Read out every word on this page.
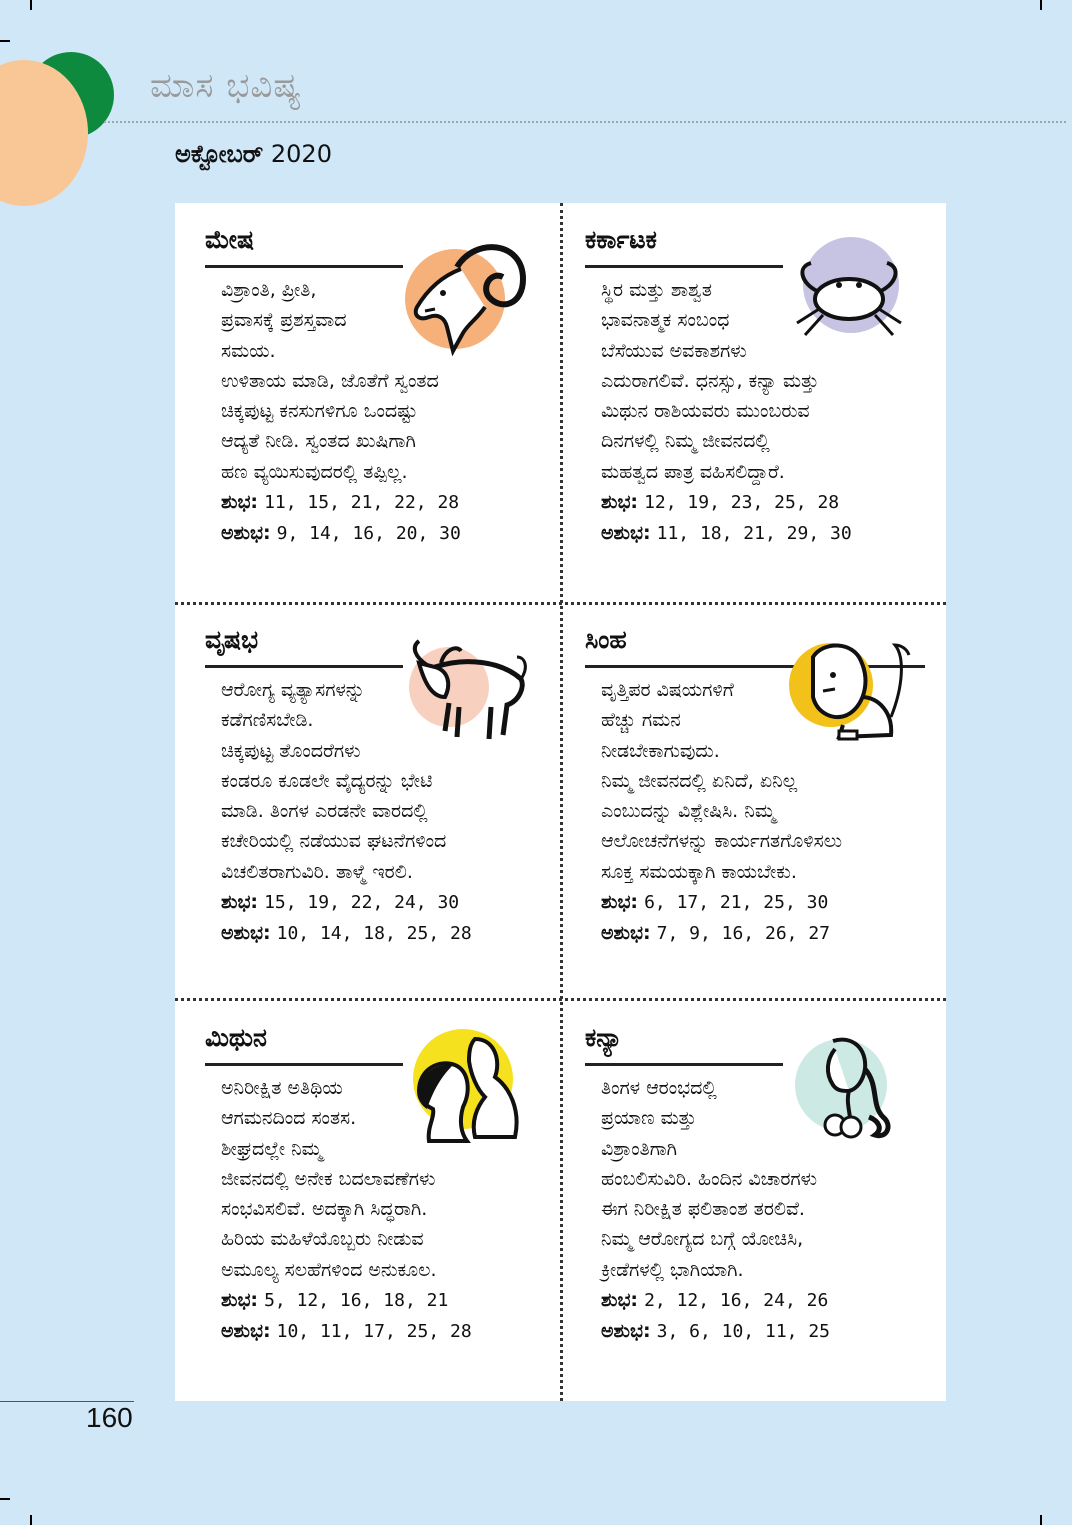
ಮಾಸ ಭವಿಷ್ಯ
ಅಕ್ಟೋಬರ್ 2020
ಮೇಷ

ವಿಶ್ರಾಂತಿ, ಪ್ರೀತಿ,

ಪ್ರವಾಸಕ್ಕೆ ಪ್ರಶಸ್ತವಾದ

ಸಮಯ.

ಉಳಿತಾಯ ಮಾಡಿ, ಜೊತೆಗೆ ಸ್ವಂತದ

ಚಿಕ್ಕಪುಟ್ಟ ಕನಸುಗಳಿಗೂ ಒಂದಷ್ಟು

ಆದ್ಯತೆ ನೀಡಿ. ಸ್ವಂತದ ಖುಷಿಗಾಗಿ

ಹಣ ವ್ಯಯಿಸುವುದರಲ್ಲಿ ತಪ್ಪಿಲ್ಲ.

ಶುಭ: 11, 15, 21, 22, 28

ಅಶುಭ: 9, 14, 16, 20, 30

ಕರ್ಕಾಟಕ

ಸ್ಥಿರ ಮತ್ತು ಶಾಶ್ವತ

ಭಾವನಾತ್ಮಕ ಸಂಬಂಧ

ಬೆಸೆಯುವ ಅವಕಾಶಗಳು

ಎದುರಾಗಲಿವೆ. ಧನಸ್ಸು, ಕನ್ಯಾ ಮತ್ತು

ಮಿಥುನ ರಾಶಿಯವರು ಮುಂಬರುವ

ದಿನಗಳಲ್ಲಿ ನಿಮ್ಮ ಜೀವನದಲ್ಲಿ

ಮಹತ್ವದ ಪಾತ್ರ ವಹಿಸಲಿದ್ದಾರೆ.

ಶುಭ: 12, 19, 23, 25, 28

ಅಶುಭ: 11, 18, 21, 29, 30

ವೃಷಭ

ಆರೋಗ್ಯ ವ್ಯತ್ಯಾಸಗಳನ್ನು

ಕಡೆಗಣಿಸಬೇಡಿ.

ಚಿಕ್ಕಪುಟ್ಟ ತೊಂದರೆಗಳು

ಕಂಡರೂ ಕೂಡಲೇ ವೈದ್ಯರನ್ನು ಭೇಟಿ

ಮಾಡಿ. ತಿಂಗಳ ಎರಡನೇ ವಾರದಲ್ಲಿ

ಕಚೇರಿಯಲ್ಲಿ ನಡೆಯುವ ಘಟನೆಗಳಿಂದ

ವಿಚಲಿತರಾಗುವಿರಿ. ತಾಳ್ಮೆ ಇರಲಿ.

ಶುಭ: 15, 19, 22, 24, 30

ಅಶುಭ: 10, 14, 18, 25, 28

ಸಿಂಹ

ವೃತ್ತಿಪರ ವಿಷಯಗಳಿಗೆ

ಹೆಚ್ಚು ಗಮನ

ನೀಡಬೇಕಾಗುವುದು.

ನಿಮ್ಮ ಜೀವನದಲ್ಲಿ ಏನಿದೆ, ಏನಿಲ್ಲ

ಎಂಬುದನ್ನು ವಿಶ್ಲೇಷಿಸಿ. ನಿಮ್ಮ

ಆಲೋಚನೆಗಳನ್ನು ಕಾರ್ಯಗತಗೊಳಿಸಲು

ಸೂಕ್ತ ಸಮಯಕ್ಕಾಗಿ ಕಾಯಬೇಕು.

ಶುಭ: 6, 17, 21, 25, 30

ಅಶುಭ: 7, 9, 16, 26, 27

ಮಿಥುನ

ಅನಿರೀಕ್ಷಿತ ಅತಿಥಿಯ

ಆಗಮನದಿಂದ ಸಂತಸ.

ಶೀಘ್ರದಲ್ಲೇ ನಿಮ್ಮ

ಜೀವನದಲ್ಲಿ ಅನೇಕ ಬದಲಾವಣೆಗಳು

ಸಂಭವಿಸಲಿವೆ. ಅದಕ್ಕಾಗಿ ಸಿದ್ಧರಾಗಿ.

ಹಿರಿಯ ಮಹಿಳೆಯೊಬ್ಬರು ನೀಡುವ

ಅಮೂಲ್ಯ ಸಲಹೆಗಳಿಂದ ಅನುಕೂಲ.

ಶುಭ: 5, 12, 16, 18, 21

ಅಶುಭ: 10, 11, 17, 25, 28

ಕನ್ಯಾ

ತಿಂಗಳ ಆರಂಭದಲ್ಲಿ

ಪ್ರಯಾಣ ಮತ್ತು

ವಿಶ್ರಾಂತಿಗಾಗಿ

ಹಂಬಲಿಸುವಿರಿ. ಹಿಂದಿನ ವಿಚಾರಗಳು

ಈಗ ನಿರೀಕ್ಷಿತ ಫಲಿತಾಂಶ ತರಲಿವೆ.

ನಿಮ್ಮ ಆರೋಗ್ಯದ ಬಗ್ಗೆ ಯೋಚಿಸಿ,

ಕ್ರೀಡೆಗಳಲ್ಲಿ ಭಾಗಿಯಾಗಿ.

ಶುಭ: 2, 12, 16, 24, 26

ಅಶುಭ: 3, 6, 10, 11, 25

160
